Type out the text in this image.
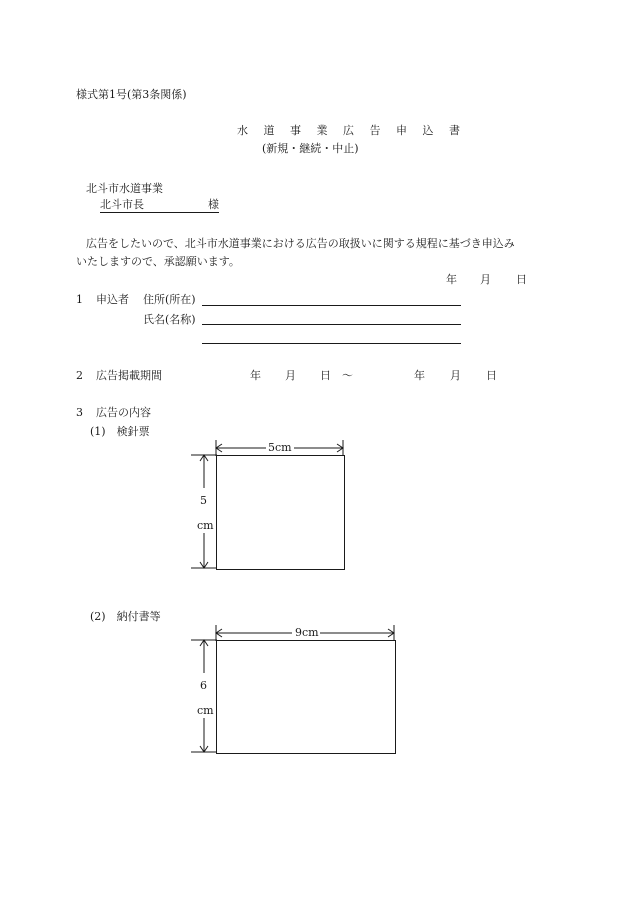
様式第1号(第3条関係)
水 道 事 業 広 告 申 込 書
(新規・継続・中止)
北斗市水道事業
北斗市長	様
広告をしたいので、北斗市水道事業における広告の取扱いに関する規程に基づき申込み
いたしますので、承認願います。
年 月 日
1 申込者 住所(所在)
氏名(名称)
2 広告掲載期間	年 月 日 〜	年 月 日
3 広告の内容
(1)　検針票
5cm
5
cm
(2)　納付書等
9cm
6
cm
